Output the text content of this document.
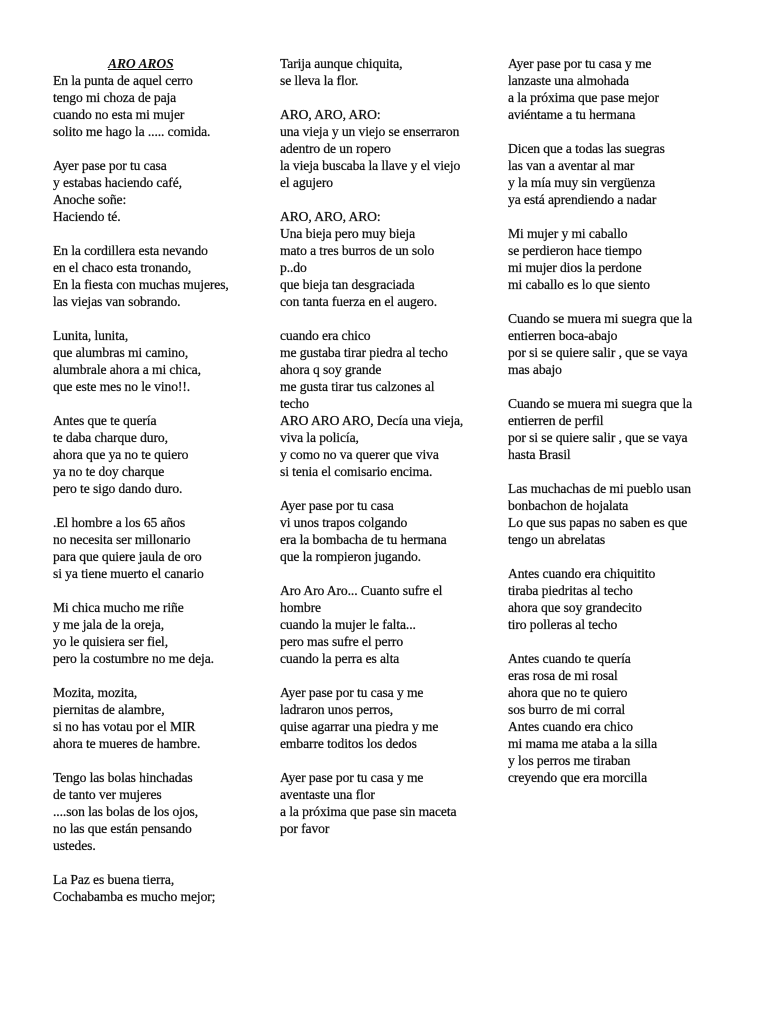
ARO AROS
En la punta de aquel cerro
tengo mi choza de paja
cuando no esta mi mujer
solito me hago la ..... comida.
Ayer pase por tu casa
y estabas haciendo café,
Anoche soñe:
Haciendo té.
En la cordillera esta nevando
en el chaco esta tronando,
En la fiesta con muchas mujeres,
las viejas van sobrando.
Lunita, lunita,
que alumbras mi camino,
alumbrale ahora a mi chica,
que este mes no le vino!!.
Antes que te quería
te daba charque duro,
ahora que ya no te quiero
ya no te doy charque
pero te sigo dando duro.
.El hombre a los 65 años
no necesita ser millonario
para que quiere jaula de oro
si ya tiene muerto el canario
Mi chica mucho me riñe
y me jala de la oreja,
yo le quisiera ser fiel,
pero la costumbre no me deja.
Mozita, mozita,
piernitas de alambre,
si no has votau por el MIR
ahora te mueres de hambre.
Tengo las bolas hinchadas
de tanto ver mujeres
....son las bolas de los ojos,
no las que están pensando
ustedes.
La Paz es buena tierra,
Cochabamba es mucho mejor;
Tarija aunque chiquita,
se lleva la flor.
ARO, ARO, ARO:
una vieja y un viejo se enserraron
adentro de un ropero
la vieja buscaba la llave y el viejo
el agujero
ARO, ARO, ARO:
Una bieja pero muy bieja
mato a tres burros de un solo
p..do
que bieja tan desgraciada
con tanta fuerza en el augero.
cuando era chico
me gustaba tirar piedra al techo
ahora q soy grande
me gusta tirar tus calzones al
techo
ARO ARO ARO, Decía una vieja,
viva la policía,
y como no va querer que viva
si tenia el comisario encima.
Ayer pase por tu casa
vi unos trapos colgando
era la bombacha de tu hermana
que la rompieron jugando.
Aro Aro Aro... Cuanto sufre el
hombre
cuando la mujer le falta...
pero mas sufre el perro
cuando la perra es alta
Ayer pase por tu casa y me
ladraron unos perros,
quise agarrar una piedra y me
embarre toditos los dedos
Ayer pase por tu casa y me
aventaste una flor
a la próxima que pase sin maceta
por favor
Ayer pase por tu casa y me
lanzaste una almohada
a la próxima que pase mejor
aviéntame a tu hermana
Dicen que a todas las suegras
las van a aventar al mar
y la mía muy sin vergüenza
ya está aprendiendo a nadar
Mi mujer y mi caballo
se perdieron hace tiempo
mi mujer dios la perdone
mi caballo es lo que siento
Cuando se muera mi suegra que la
entierren boca-abajo
por si se quiere salir , que se vaya
mas abajo
Cuando se muera mi suegra que la
entierren de perfil
por si se quiere salir , que se vaya
hasta Brasil
Las muchachas de mi pueblo usan
bonbachon de hojalata
Lo que sus papas no saben es que
tengo un abrelatas
Antes cuando era chiquitito
tiraba piedritas al techo
ahora que soy grandecito
tiro polleras al techo
Antes cuando te quería
eras rosa de mi rosal
ahora que no te quiero
sos burro de mi corral
Antes cuando era chico
mi mama me ataba a la silla
y los perros me tiraban
creyendo que era morcilla
